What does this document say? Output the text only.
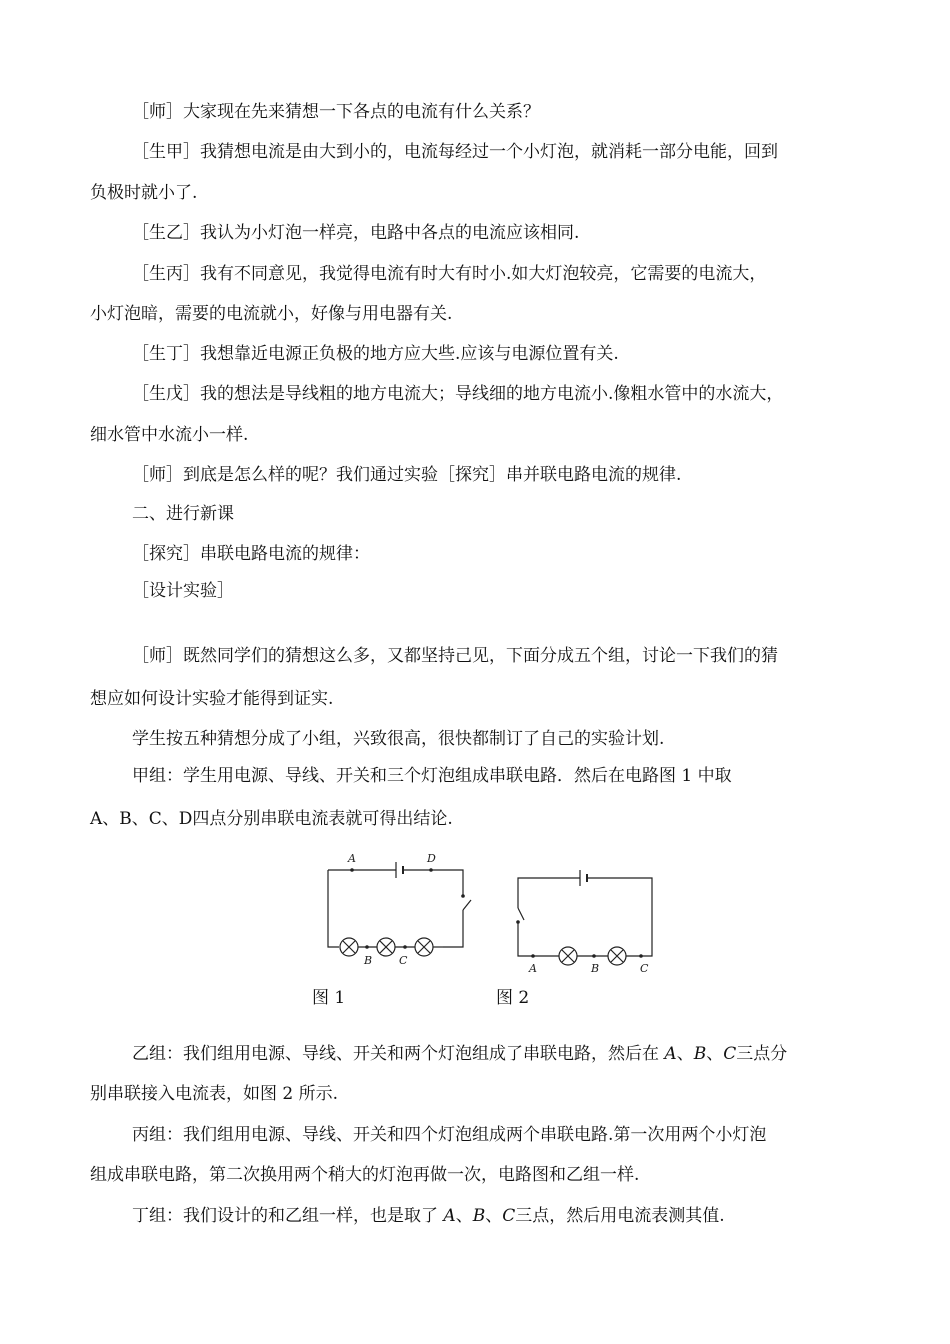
［师］大家现在先来猜想一下各点的电流有什么关系？
［生甲］我猜想电流是由大到小的，电流每经过一个小灯泡，就消耗一部分电能，回到
负极时就小了.
［生乙］我认为小灯泡一样亮，电路中各点的电流应该相同.
［生丙］我有不同意见，我觉得电流有时大有时小.如大灯泡较亮，它需要的电流大，
小灯泡暗，需要的电流就小，好像与用电器有关.
［生丁］我想靠近电源正负极的地方应大些.应该与电源位置有关.
［生戊］我的想法是导线粗的地方电流大；导线细的地方电流小.像粗水管中的水流大，
细水管中水流小一样.
［师］到底是怎么样的呢？我们通过实验［探究］串并联电路电流的规律.
二、进行新课
［探究］串联电路电流的规律：
［设计实验］
［师］既然同学们的猜想这么多，又都坚持己见，下面分成五个组，讨论一下我们的猜
想应如何设计实验才能得到证实.
学生按五种猜想分成了小组，兴致很高，很快都制订了自己的实验计划.
甲组：学生用电源、导线、开关和三个灯泡组成串联电路．然后在电路图 1 中取
A、B、C、D四点分别串联电流表就可得出结论.
A	D
B C
A	B	C
图 1	图 2
乙组：我们组用电源、导线、开关和两个灯泡组成了串联电路，然后在 A、B、C三点分
别串联接入电流表，如图 2 所示.
丙组：我们组用电源、导线、开关和四个灯泡组成两个串联电路.第一次用两个小灯泡
组成串联电路，第二次换用两个稍大的灯泡再做一次，电路图和乙组一样.
丁组：我们设计的和乙组一样，也是取了 A、B、C三点，然后用电流表测其值.
